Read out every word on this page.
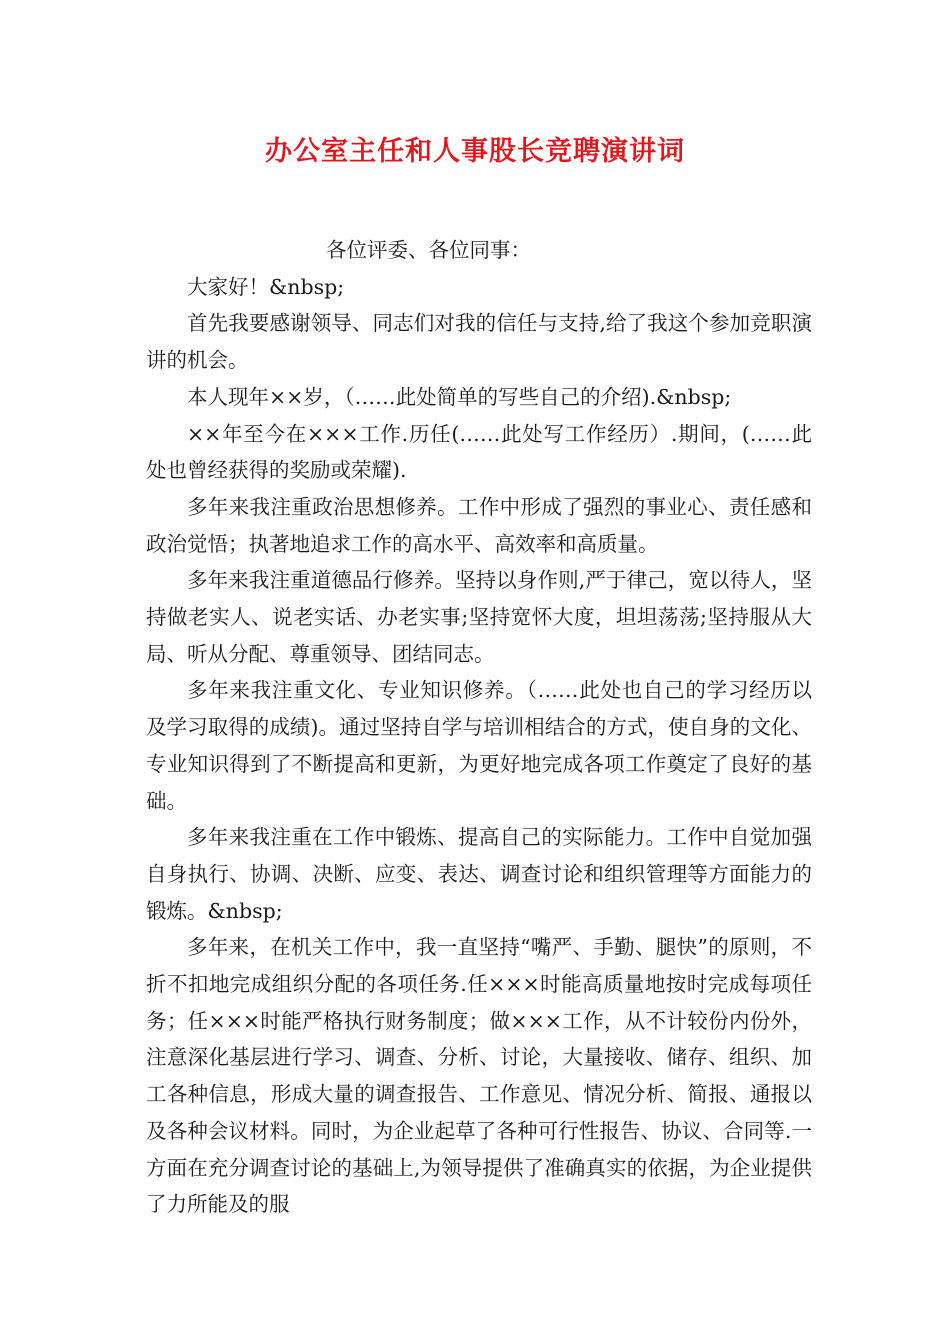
办公室主任和人事股长竞聘演讲词

各位评委、各位同事：

大家好！&nbsp;

首先我要感谢领导、同志们对我的信任与支持,给了我这个参加竞职演讲的机会。

本人现年××岁，（……此处简单的写些自己的介绍).&nbsp;

××年至今在×××工作.历任(……此处写工作经历）.期间，(……此处也曾经获得的奖励或荣耀).

多年来我注重政治思想修养。工作中形成了强烈的事业心、责任感和政治觉悟；执著地追求工作的高水平、高效率和高质量。

多年来我注重道德品行修养。坚持以身作则,严于律己，宽以待人，坚持做老实人、说老实话、办老实事;坚持宽怀大度，坦坦荡荡;坚持服从大局、听从分配、尊重领导、团结同志。

多年来我注重文化、专业知识修养。（……此处也自己的学习经历以及学习取得的成绩)。通过坚持自学与培训相结合的方式，使自身的文化、专业知识得到了不断提高和更新，为更好地完成各项工作奠定了良好的基础。

多年来我注重在工作中锻炼、提高自己的实际能力。工作中自觉加强自身执行、协调、决断、应变、表达、调查讨论和组织管理等方面能力的锻炼。&nbsp;

多年来，在机关工作中，我一直坚持“嘴严、手勤、腿快”的原则，不折不扣地完成组织分配的各项任务.任×××时能高质量地按时完成每项任务；任×××时能严格执行财务制度；做×××工作，从不计较份内份外，注意深化基层进行学习、调查、分析、讨论，大量接收、储存、组织、加工各种信息，形成大量的调查报告、工作意见、情况分析、简报、通报以及各种会议材料。同时，为企业起草了各种可行性报告、协议、合同等.一方面在充分调查讨论的基础上,为领导提供了准确真实的依据，为企业提供了力所能及的服
